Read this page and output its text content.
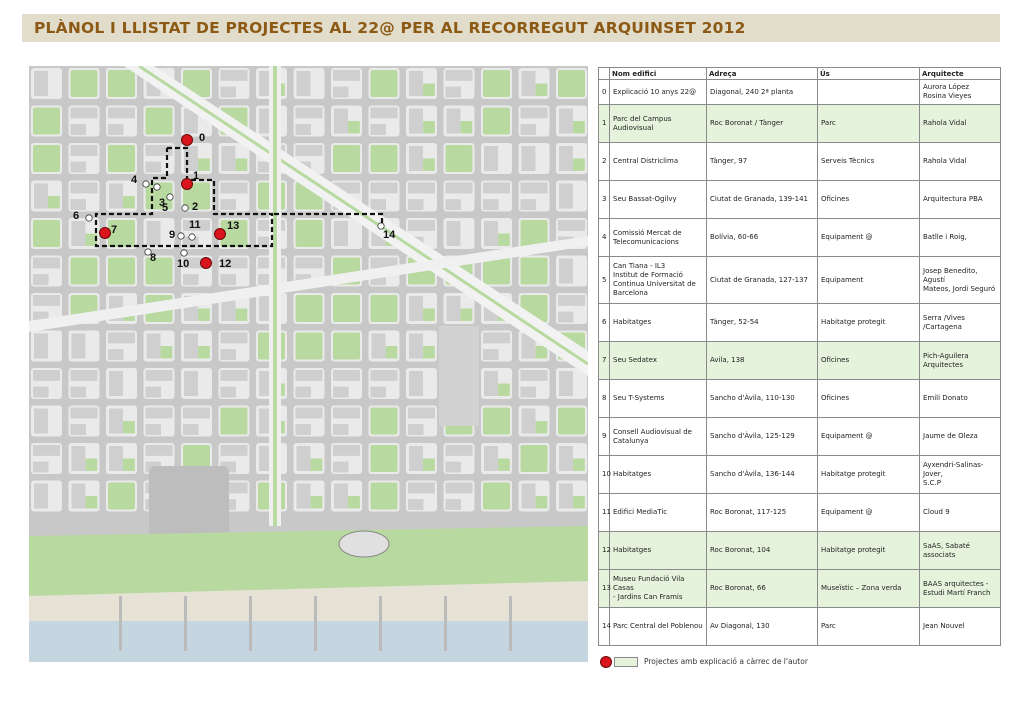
PLÀNOL I LLISTAT DE PROJECTES AL 22@ PER AL RECORREGUT ARQUINSET 2012
0
1
2
3
4
5
6
7
8
9
10
11
12
13
14
	Nom edifici	Adreça	Ús	Arquitecte
0	Explicació 10 anys 22@	Diagonal, 240 2ª planta		Aurora López
Rosina Vieyes
1	Parc del Campus Audiovisual	Roc Boronat / Tànger	Parc	Rahola Vidal
2	Central Districlima	Tànger, 97	Serveis Tècnics	Rahola Vidal
3	Seu Bassat-Ogilvy	Ciutat de Granada, 139-141	Oficines	Arquitectura PBA
4	Comissió Mercat de
Telecomunicacions	Bolívia, 60-66	Equipament @	Batlle i Roig,
5	Can Tiana - IL3
Institut de Formació
Continua Universitat de
Barcelona	Ciutat de Granada, 127-137	Equipament	Josep Benedito, Agustí
Mateos, Jordi Seguró
6	Habitatges	Tànger, 52-54	Habitatge protegit	Serra /Vives /Cartagena
7	Seu Sedatex	Avila, 138	Oficines	Pich-Aguilera
Arquitectes
8	Seu T-Systems	Sancho d'Àvila, 110-130	Oficines	Emili Donato
9	Consell Audiovisual de
Catalunya	Sancho d'Àvila, 125-129	Equipament @	Jaume de Oleza
10	Habitatges	Sancho d'Àvila, 136-144	Habitatge protegit	Ayxendri-Salinas-Jover,
S.C.P
11	Edifici MediaTic	Roc Boronat, 117-125	Equipament @	Cloud 9
12	Habitatges	Roc Boronat, 104	Habitatge protegit	SaAS, Sabaté associats
13	Museu Fundació Vila Casas
- Jardins Can Framis	Roc Boronat, 66	Museïstic – Zona verda	BAAS arquitectes -
Estudi Martí Franch
14	Parc Central del Poblenou	Av Diagonal, 130	Parc	Jean Nouvel
Projectes amb explicació a càrrec de l'autor
